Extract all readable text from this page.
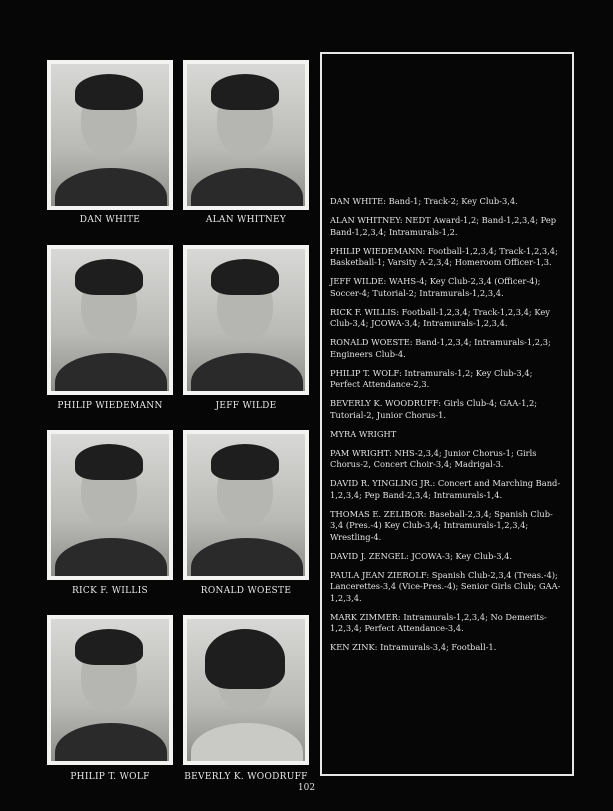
DAN WHITE	ALAN WHITNEY
PHILIP WIEDEMANN	JEFF WILDE
RICK F. WILLIS	RONALD WOESTE
PHILIP T. WOLF	BEVERLY K. WOODRUFF

DAN WHITE: Band-1; Track-2; Key Club-3,4.

ALAN WHITNEY: NEDT Award-1,2; Band-1,2,3,4; Pep Band-1,2,3,4; Intramurals-1,2.

PHILIP WIEDEMANN: Football-1,2,3,4; Track-1,2,3,4; Basketball-1; Varsity A-2,3,4; Homeroom Officer-1,3.

JEFF WILDE: WAHS-4; Key Club-2,3,4 (Officer-4); Soccer-4; Tutorial-2; Intramurals-1,2,3,4.

RICK F. WILLIS: Football-1,2,3,4; Track-1,2,3,4; Key Club-3,4; JCOWA-3,4; Intramurals-1,2,3,4.

RONALD WOESTE: Band-1,2,3,4; Intramurals-1,2,3; Engineers Club-4.

PHILIP T. WOLF: Intramurals-1,2; Key Club-3,4; Perfect Attendance-2,3.

BEVERLY K. WOODRUFF: Girls Club-4; GAA-1,2; Tutorial-2, Junior Chorus-1.

MYRA WRIGHT

PAM WRIGHT: NHS-2,3,4; Junior Chorus-1; Girls Chorus-2, Concert Choir-3,4; Madrigal-3.

DAVID R. YINGLING JR.: Concert and Marching Band-1,2,3,4; Pep Band-2,3,4; Intramurals-1,4.

THOMAS E. ZELIBOR: Baseball-2,3,4; Spanish Club-3,4 (Pres.-4) Key Club-3,4; Intramurals-1,2,3,4; Wrestling-4.

DAVID J. ZENGEL: JCOWA-3; Key Club-3,4.

PAULA JEAN ZIEROLF: Spanish Club-2,3,4 (Treas.-4); Lancerettes-3,4 (Vice-Pres.-4); Senior Girls Club; GAA-1,2,3,4.

MARK ZIMMER: Intramurals-1,2,3,4; No Demerits-1,2,3,4; Perfect Attendance-3,4.

KEN ZINK: Intramurals-3,4; Football-1.

102
